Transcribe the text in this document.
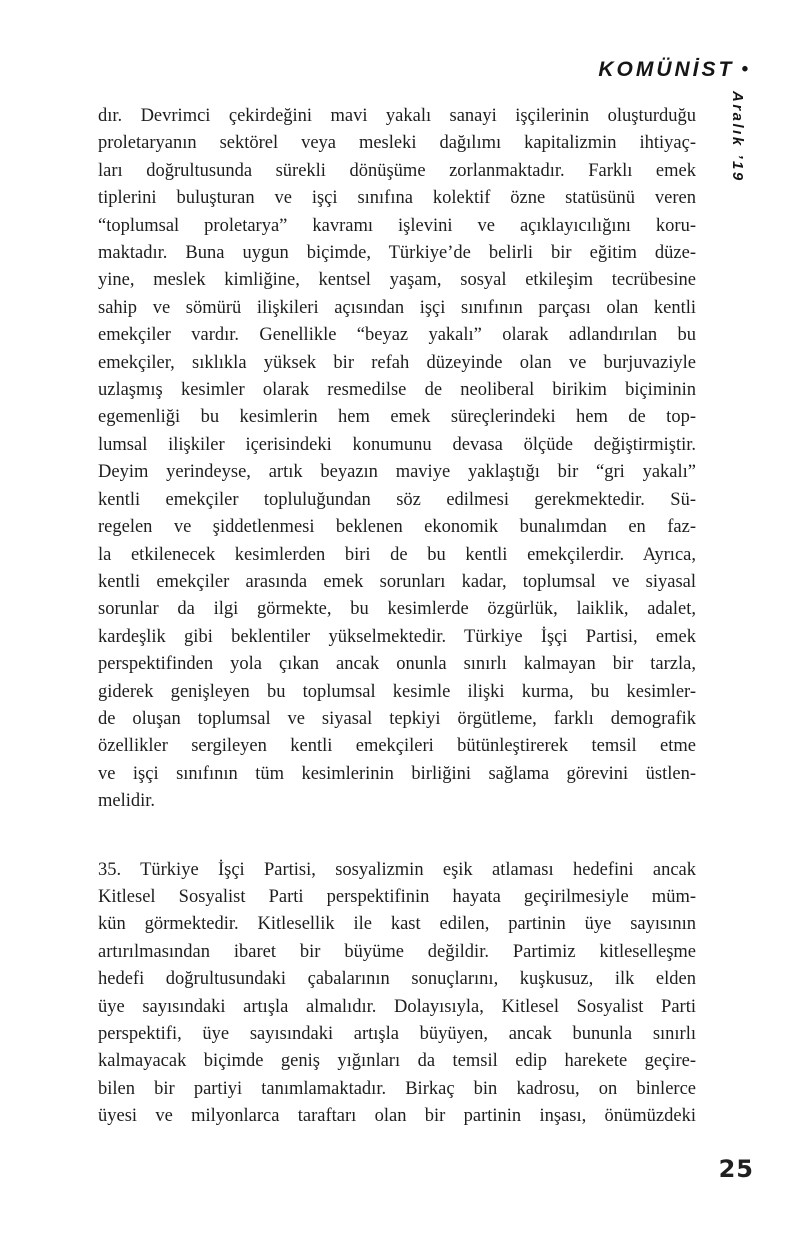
KOMÜNİST •
Aralık ’19
dır. Devrimci çekirdeğini mavi yakalı sanayi işçilerinin oluşturduğu
proletaryanın sektörel veya mesleki dağılımı kapitalizmin ihtiyaç-
ları doğrultusunda sürekli dönüşüme zorlanmaktadır. Farklı emek
tiplerini buluşturan ve işçi sınıfına kolektif özne statüsünü veren
“toplumsal proletarya” kavramı işlevini ve açıklayıcılığını koru-
maktadır. Buna uygun biçimde, Türkiye’de belirli bir eğitim düze-
yine, meslek kimliğine, kentsel yaşam, sosyal etkileşim tecrübesine
sahip ve sömürü ilişkileri açısından işçi sınıfının parçası olan kentli
emekçiler vardır. Genellikle “beyaz yakalı” olarak adlandırılan bu
emekçiler, sıklıkla yüksek bir refah düzeyinde olan ve burjuvaziyle
uzlaşmış kesimler olarak resmedilse de neoliberal birikim biçiminin
egemenliği bu kesimlerin hem emek süreçlerindeki hem de top-
lumsal ilişkiler içerisindeki konumunu devasa ölçüde değiştirmiştir.
Deyim yerindeyse, artık beyazın maviye yaklaştığı bir “gri yakalı”
kentli emekçiler topluluğundan söz edilmesi gerekmektedir. Sü-
regelen ve şiddetlenmesi beklenen ekonomik bunalımdan en faz-
la etkilenecek kesimlerden biri de bu kentli emekçilerdir. Ayrıca,
kentli emekçiler arasında emek sorunları kadar, toplumsal ve siyasal
sorunlar da ilgi görmekte, bu kesimlerde özgürlük, laiklik, adalet,
kardeşlik gibi beklentiler yükselmektedir. Türkiye İşçi Partisi, emek
perspektifinden yola çıkan ancak onunla sınırlı kalmayan bir tarzla,
giderek genişleyen bu toplumsal kesimle ilişki kurma, bu kesimler-
de oluşan toplumsal ve siyasal tepkiyi örgütleme, farklı demografik
özellikler sergileyen kentli emekçileri bütünleştirerek temsil etme
ve işçi sınıfının tüm kesimlerinin birliğini sağlama görevini üstlen-
melidir.
35. Türkiye İşçi Partisi, sosyalizmin eşik atlaması hedefini ancak
Kitlesel Sosyalist Parti perspektifinin hayata geçirilmesiyle müm-
kün görmektedir. Kitlesellik ile kast edilen, partinin üye sayısının
artırılmasından ibaret bir büyüme değildir. Partimiz kitleselleşme
hedefi doğrultusundaki çabalarının sonuçlarını, kuşkusuz, ilk elden
üye sayısındaki artışla almalıdır. Dolayısıyla, Kitlesel Sosyalist Parti
perspektifi, üye sayısındaki artışla büyüyen, ancak bununla sınırlı
kalmayacak biçimde geniş yığınları da temsil edip harekete geçire-
bilen bir partiyi tanımlamaktadır. Birkaç bin kadrosu, on binlerce
üyesi ve milyonlarca taraftarı olan bir partinin inşası, önümüzdeki
25
